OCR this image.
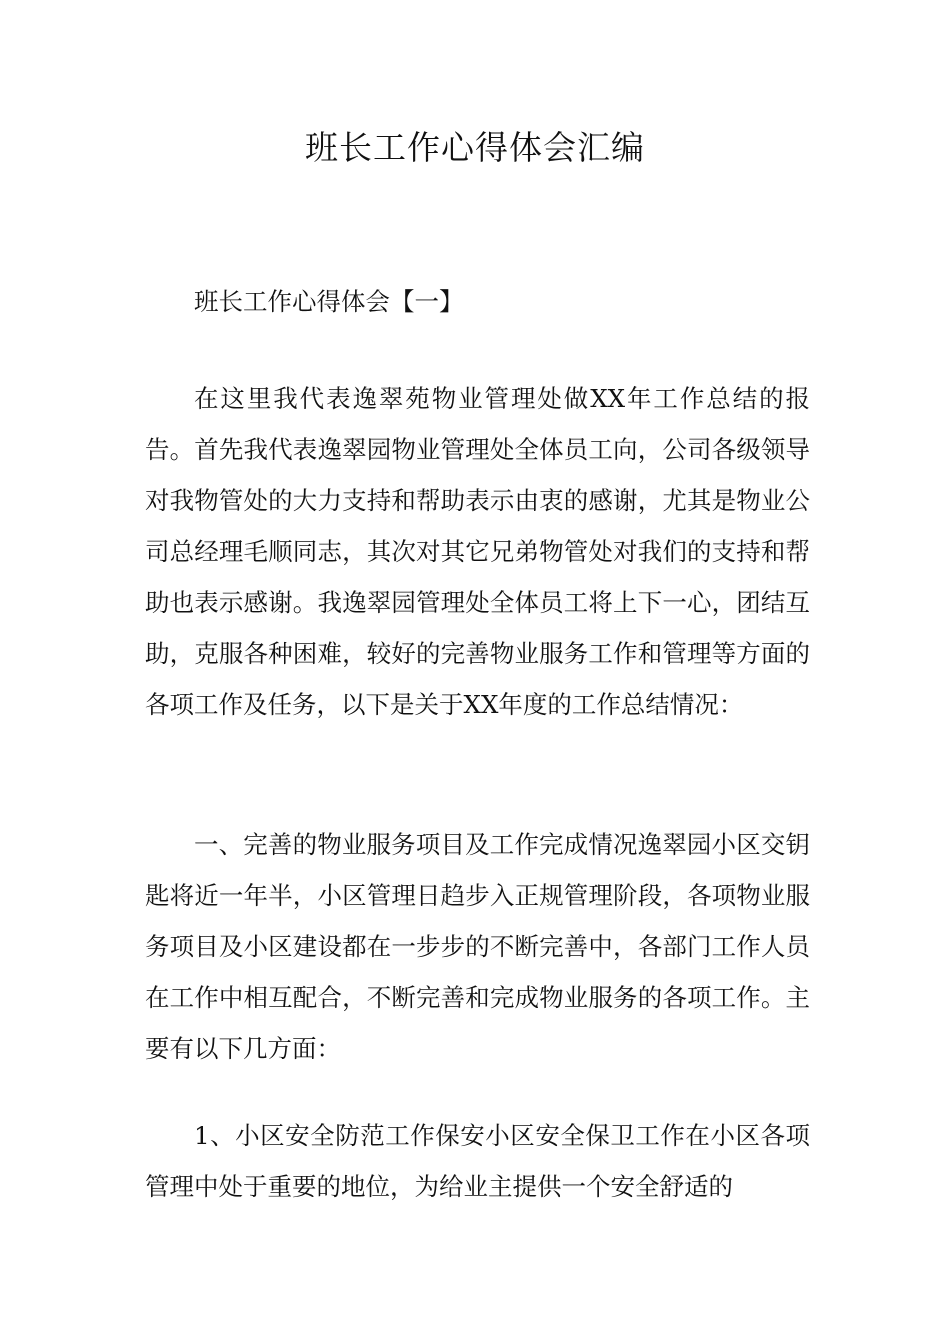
班长工作心得体会汇编

班长工作心得体会【一】

在这里我代表逸翠苑物业管理处做XX年工作总结的报告。首先我代表逸翠园物业管理处全体员工向，公司各级领导对我物管处的大力支持和帮助表示由衷的感谢，尤其是物业公司总经理毛顺同志，其次对其它兄弟物管处对我们的支持和帮助也表示感谢。我逸翠园管理处全体员工将上下一心，团结互助，克服各种困难，较好的完善物业服务工作和管理等方面的各项工作及任务，以下是关于XX年度的工作总结情况：

一、完善的物业服务项目及工作完成情况逸翠园小区交钥匙将近一年半，小区管理日趋步入正规管理阶段，各项物业服务项目及小区建设都在一步步的不断完善中，各部门工作人员在工作中相互配合，不断完善和完成物业服务的各项工作。主要有以下几方面：

1、小区安全防范工作保安小区安全保卫工作在小区各项管理中处于重要的地位，为给业主提供一个安全舒适的
